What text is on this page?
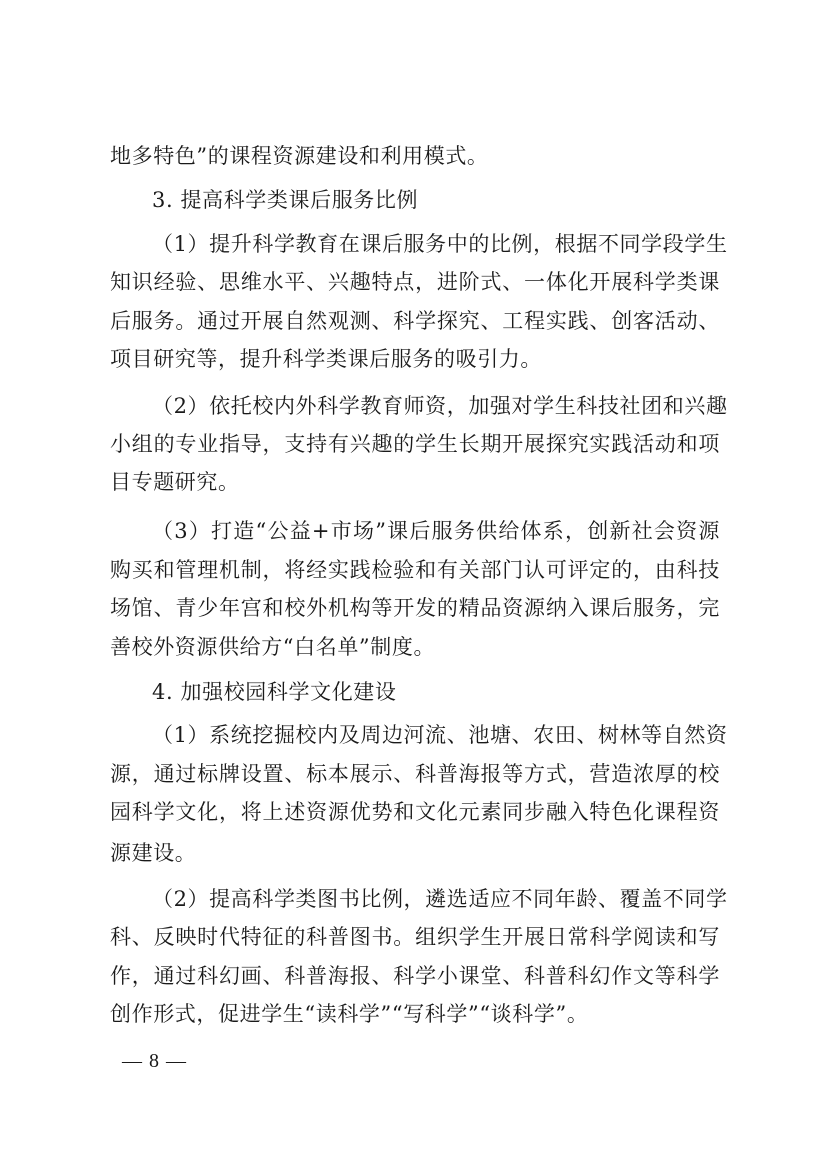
地多特色”的课程资源建设和利用模式。
3. 提高科学类课后服务比例
（1）提升科学教育在课后服务中的比例，根据不同学段学生
知识经验、思维水平、兴趣特点，进阶式、一体化开展科学类课
后服务。通过开展自然观测、科学探究、工程实践、创客活动、
项目研究等，提升科学类课后服务的吸引力。
（2）依托校内外科学教育师资，加强对学生科技社团和兴趣
小组的专业指导，支持有兴趣的学生长期开展探究实践活动和项
目专题研究。
（3）打造“公益+市场”课后服务供给体系，创新社会资源
购买和管理机制，将经实践检验和有关部门认可评定的，由科技
场馆、青少年宫和校外机构等开发的精品资源纳入课后服务，完
善校外资源供给方“白名单”制度。
4. 加强校园科学文化建设
（1）系统挖掘校内及周边河流、池塘、农田、树林等自然资
源，通过标牌设置、标本展示、科普海报等方式，营造浓厚的校
园科学文化，将上述资源优势和文化元素同步融入特色化课程资
源建设。
（2）提高科学类图书比例，遴选适应不同年龄、覆盖不同学
科、反映时代特征的科普图书。组织学生开展日常科学阅读和写
作，通过科幻画、科普海报、科学小课堂、科普科幻作文等科学
创作形式，促进学生“读科学”“写科学”“谈科学”。
— 8 —
